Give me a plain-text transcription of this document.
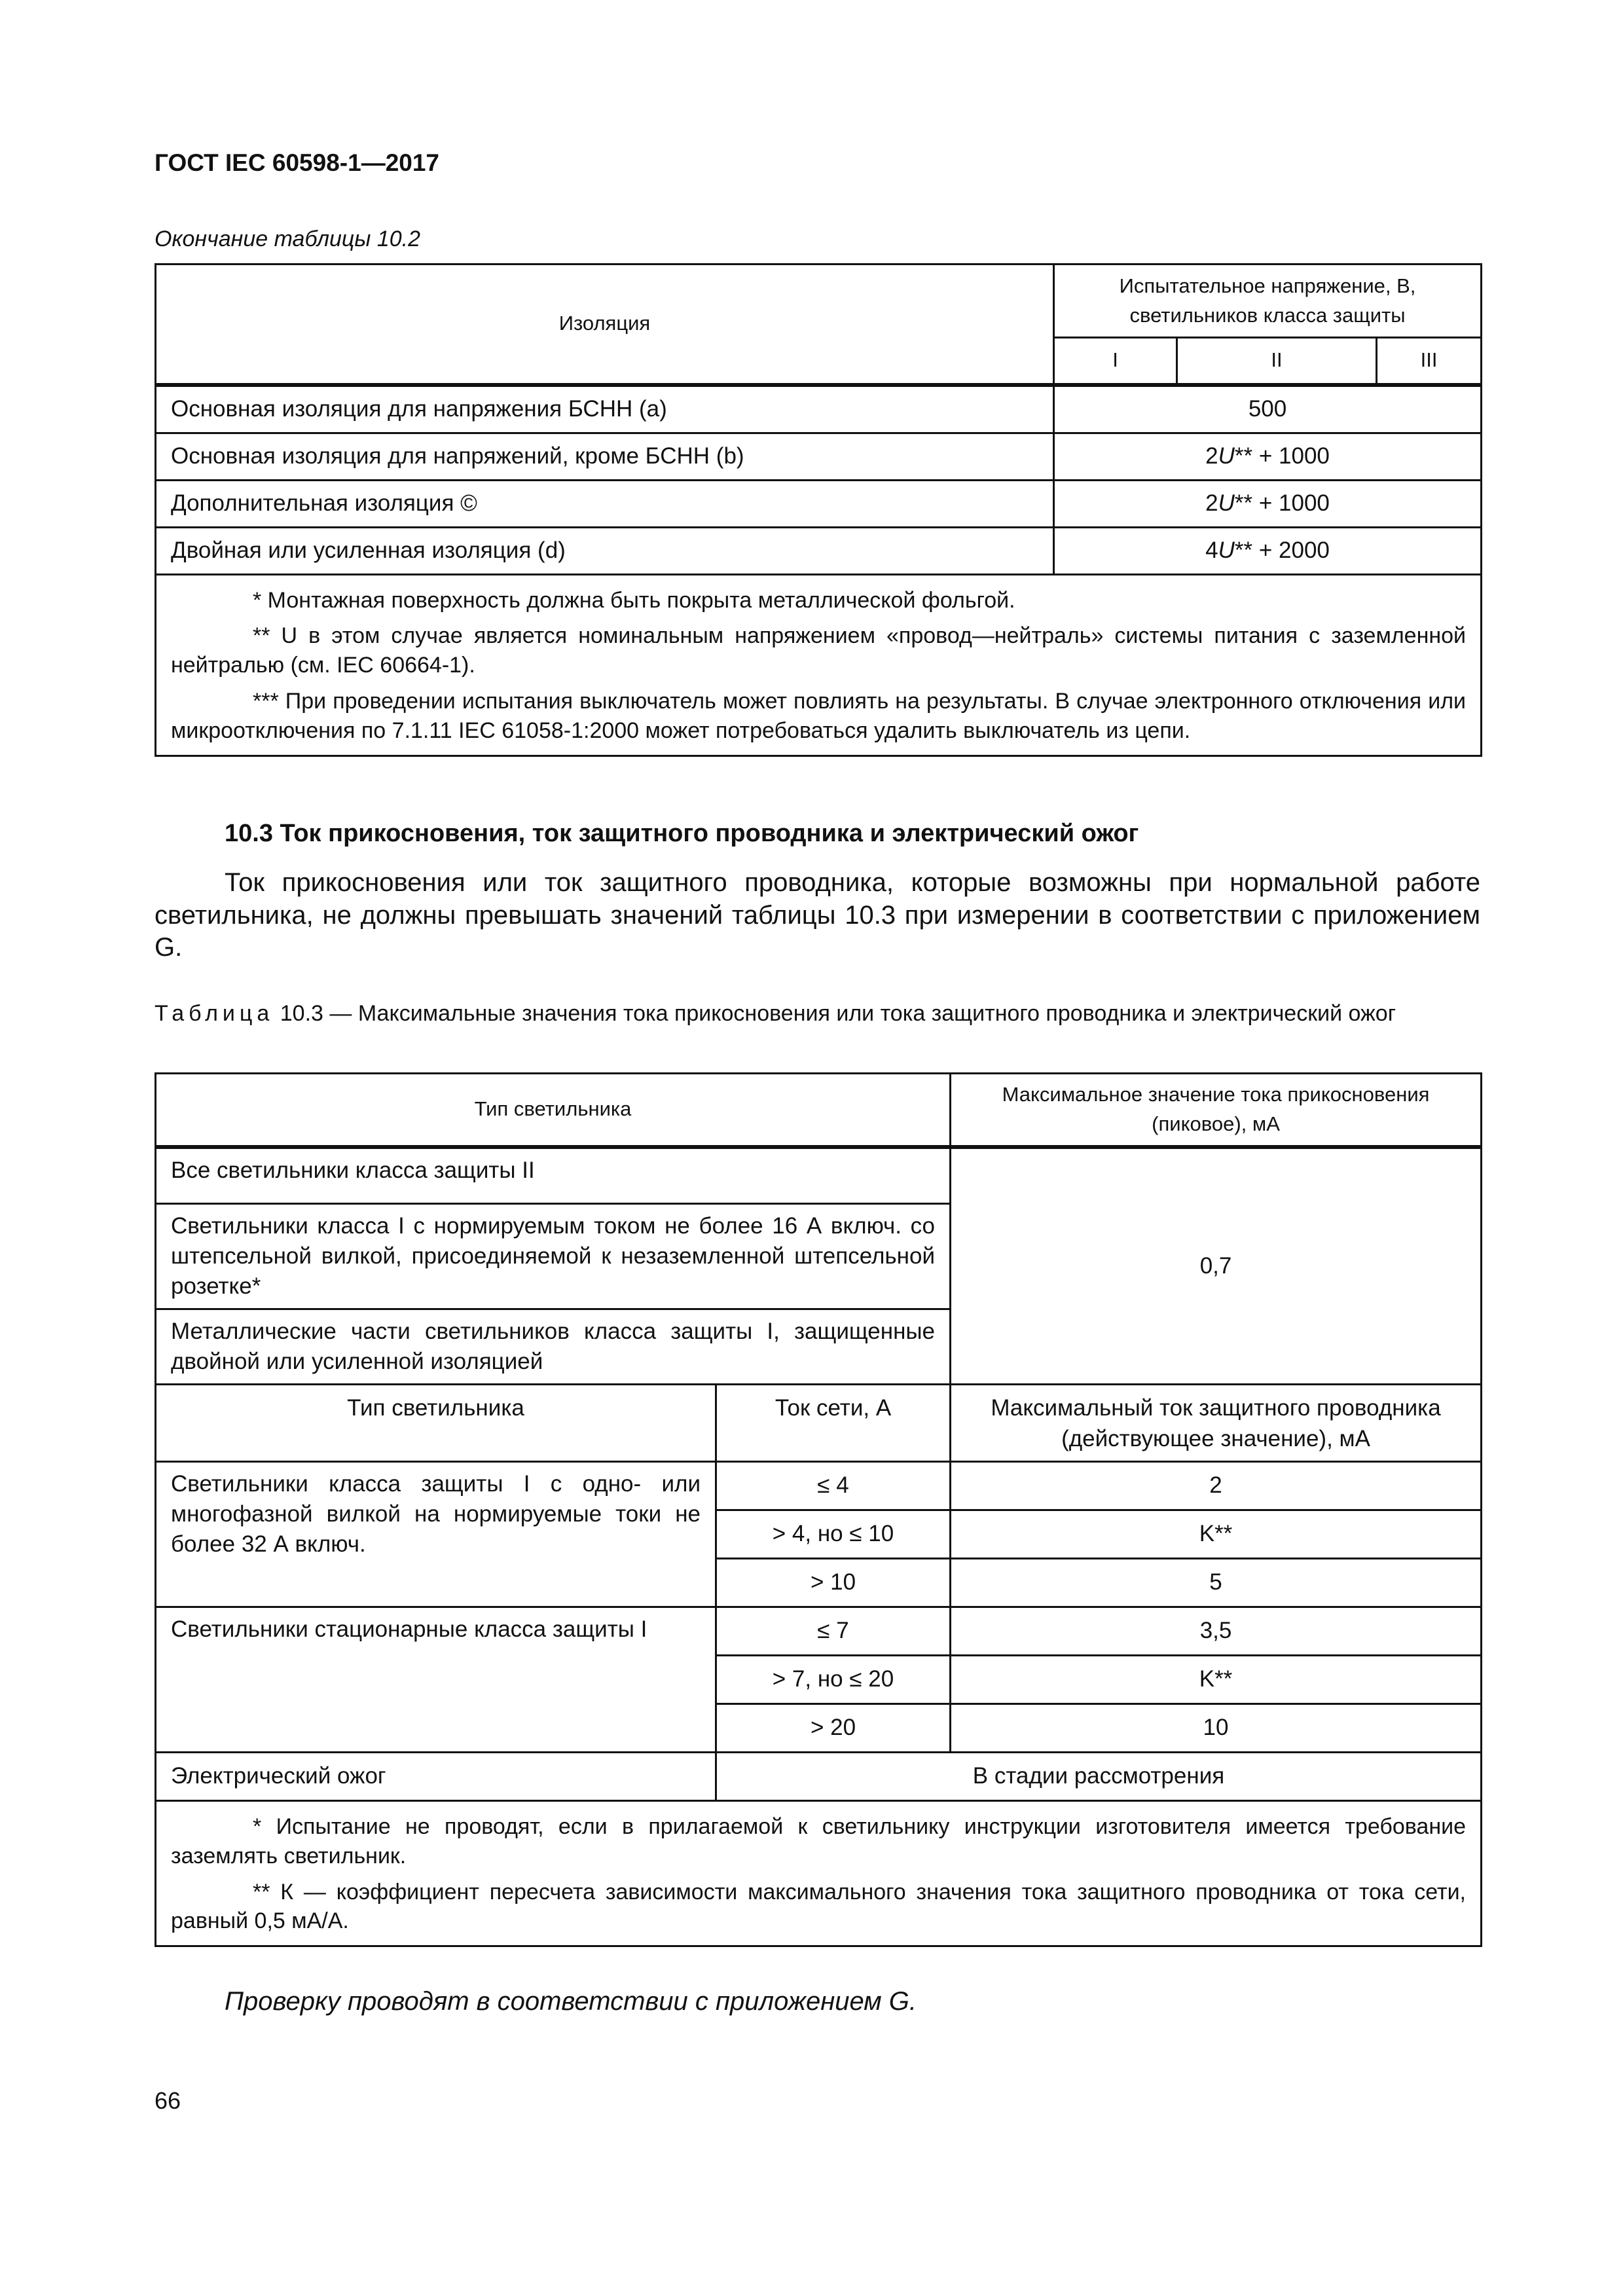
ГОСТ IEC 60598-1—2017
Окончание таблицы 10.2
Изоляция	Испытательное напряжение, В, светильников класса защиты		
	I	II	III
Основная изоляция для напряжения БСНН (a)	500		
Основная изоляция для напряжений, кроме БСНН (b)	2U** + 1000		
Дополнительная изоляция ©	2U** + 1000		
Двойная или усиленная изоляция (d)	4U** + 2000		

* Монтажная поверхность должна быть покрыта металлической фольгой.

** U в этом случае является номинальным напряжением «провод—нейтраль» системы питания с заземленной нейтралью (см. IEC 60664-1).

*** При проведении испытания выключатель может повлиять на результаты. В случае электронного отключения или микроотключения по 7.1.11 IEC 61058-1:2000 может потребоваться удалить выключатель из цепи.			

10.3 Ток прикосновения, ток защитного проводника и электрический ожог
Ток прикосновения или ток защитного проводника, которые возможны при нормальной работе светильника, не должны превышать значений таблицы 10.3 при измерении в соответствии с приложением G.
Таблица 10.3 — Максимальные значения тока прикосновения или тока защитного проводника и электрический ожог
Тип светильника		Максимальное значение тока прикосновения (пиковое), мА
Все светильники класса защиты II		0,7
Светильники класса I с нормируемым током не более 16 А включ. со штепсельной вилкой, присоединяемой к незаземленной штепсельной розетке*		
Металлические части светильников класса защиты I, защищенные двойной или усиленной изоляцией		
Тип светильника	Ток сети, А	Максимальный ток защитного проводника (действующее значение), мА
Светильники класса защиты I с одно- или многофазной вилкой на нормируемые токи не более 32 А включ.	≤ 4	2
	> 4, но ≤ 10	K**
	> 10	5
Светильники стационарные класса защиты I	≤ 7	3,5
	> 7, но ≤ 20	K**
	> 20	10
Электрический ожог	В стадии рассмотрения	

* Испытание не проводят, если в прилагаемой к светильнику инструкции изготовителя имеется требование заземлять светильник.

** К — коэффициент пересчета зависимости максимального значения тока защитного проводника от тока сети, равный 0,5 мА/А.		

Проверку проводят в соответствии с приложением G.
66
